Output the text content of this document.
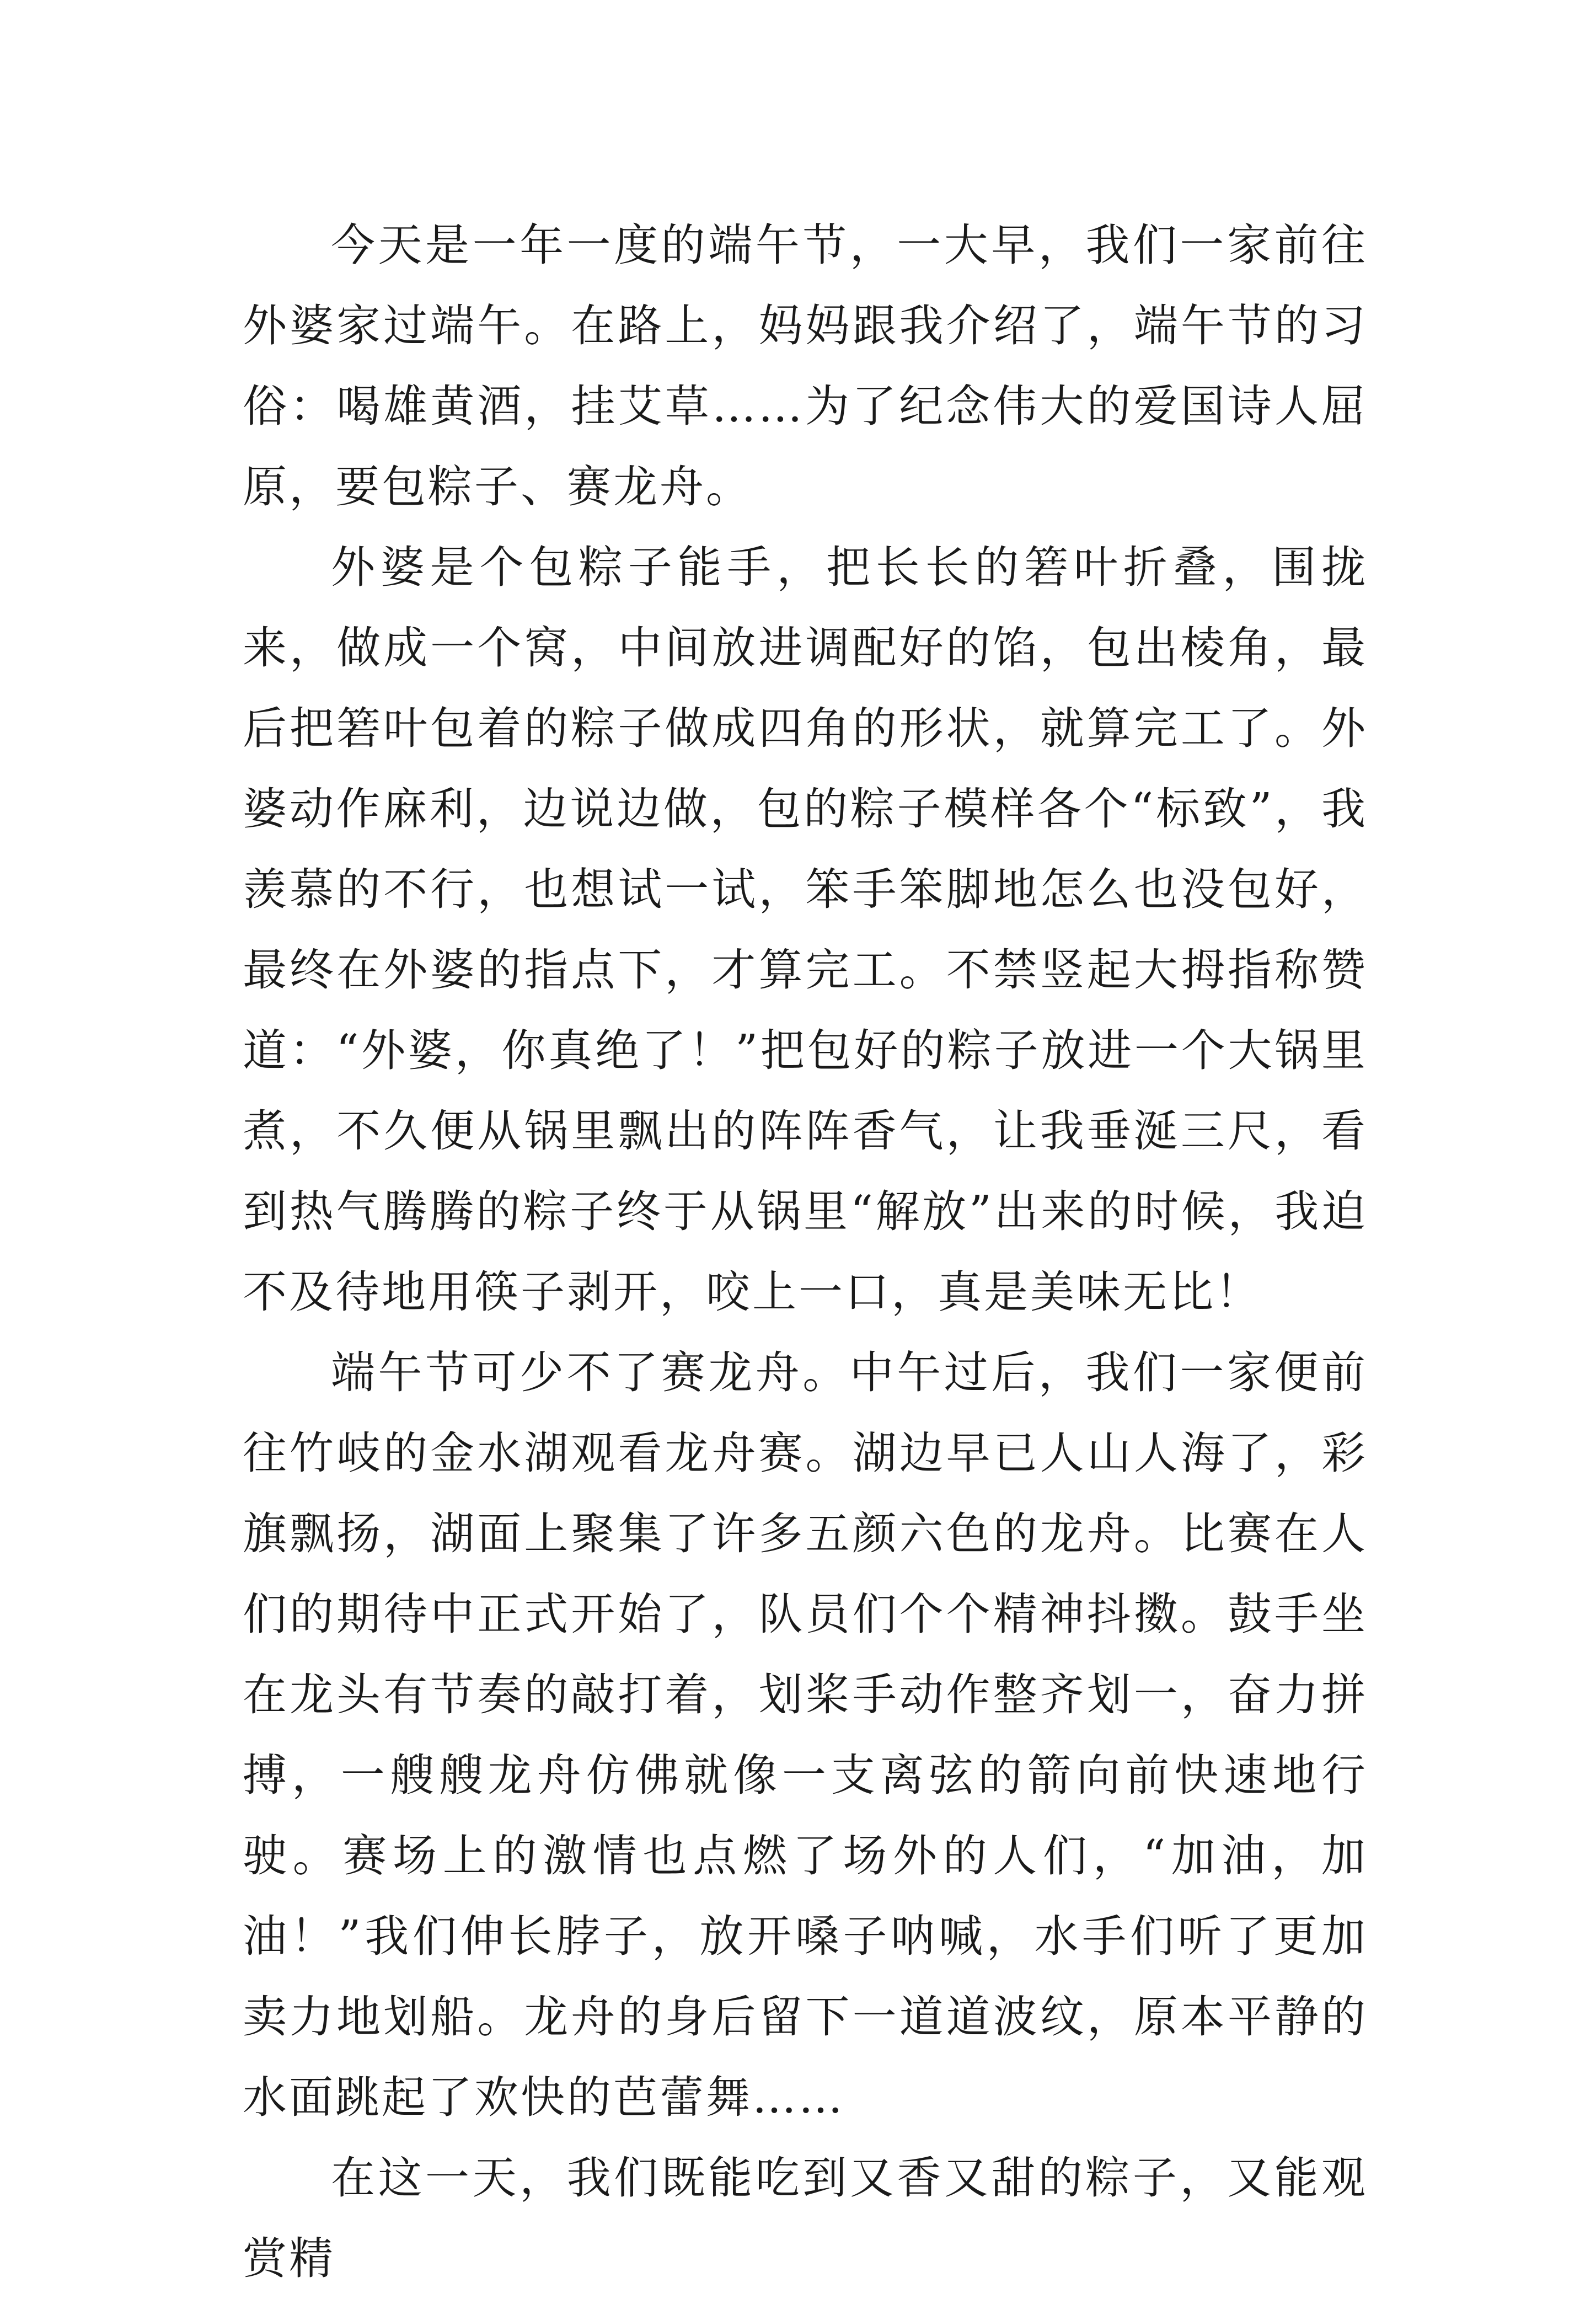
今天是一年一度的端午节，一大早，我们一家前往外婆家过端午。在路上，妈妈跟我介绍了，端午节的习俗：喝雄黄酒，挂艾草……为了纪念伟大的爱国诗人屈原，要包粽子、赛龙舟。

外婆是个包粽子能手，把长长的箬叶折叠，围拢来，做成一个窝，中间放进调配好的馅，包出棱角，最后把箬叶包着的粽子做成四角的形状，就算完工了。外婆动作麻利，边说边做，包的粽子模样各个“标致”，我羡慕的不行，也想试一试，笨手笨脚地怎么也没包好，最终在外婆的指点下，才算完工。不禁竖起大拇指称赞道：“外婆，你真绝了！”把包好的粽子放进一个大锅里煮，不久便从锅里飘出的阵阵香气，让我垂涎三尺，看到热气腾腾的粽子终于从锅里“解放”出来的时候，我迫不及待地用筷子剥开，咬上一口，真是美味无比！

端午节可少不了赛龙舟。中午过后，我们一家便前往竹岐的金水湖观看龙舟赛。湖边早已人山人海了，彩旗飘扬，湖面上聚集了许多五颜六色的龙舟。比赛在人们的期待中正式开始了，队员们个个精神抖擞。鼓手坐在龙头有节奏的敲打着，划桨手动作整齐划一，奋力拼搏，一艘艘龙舟仿佛就像一支离弦的箭向前快速地行驶。赛场上的激情也点燃了场外的人们，“加油，加油！”我们伸长脖子，放开嗓子呐喊，水手们听了更加卖力地划船。龙舟的身后留下一道道波纹，原本平静的水面跳起了欢快的芭蕾舞……

在这一天，我们既能吃到又香又甜的粽子，又能观赏精
